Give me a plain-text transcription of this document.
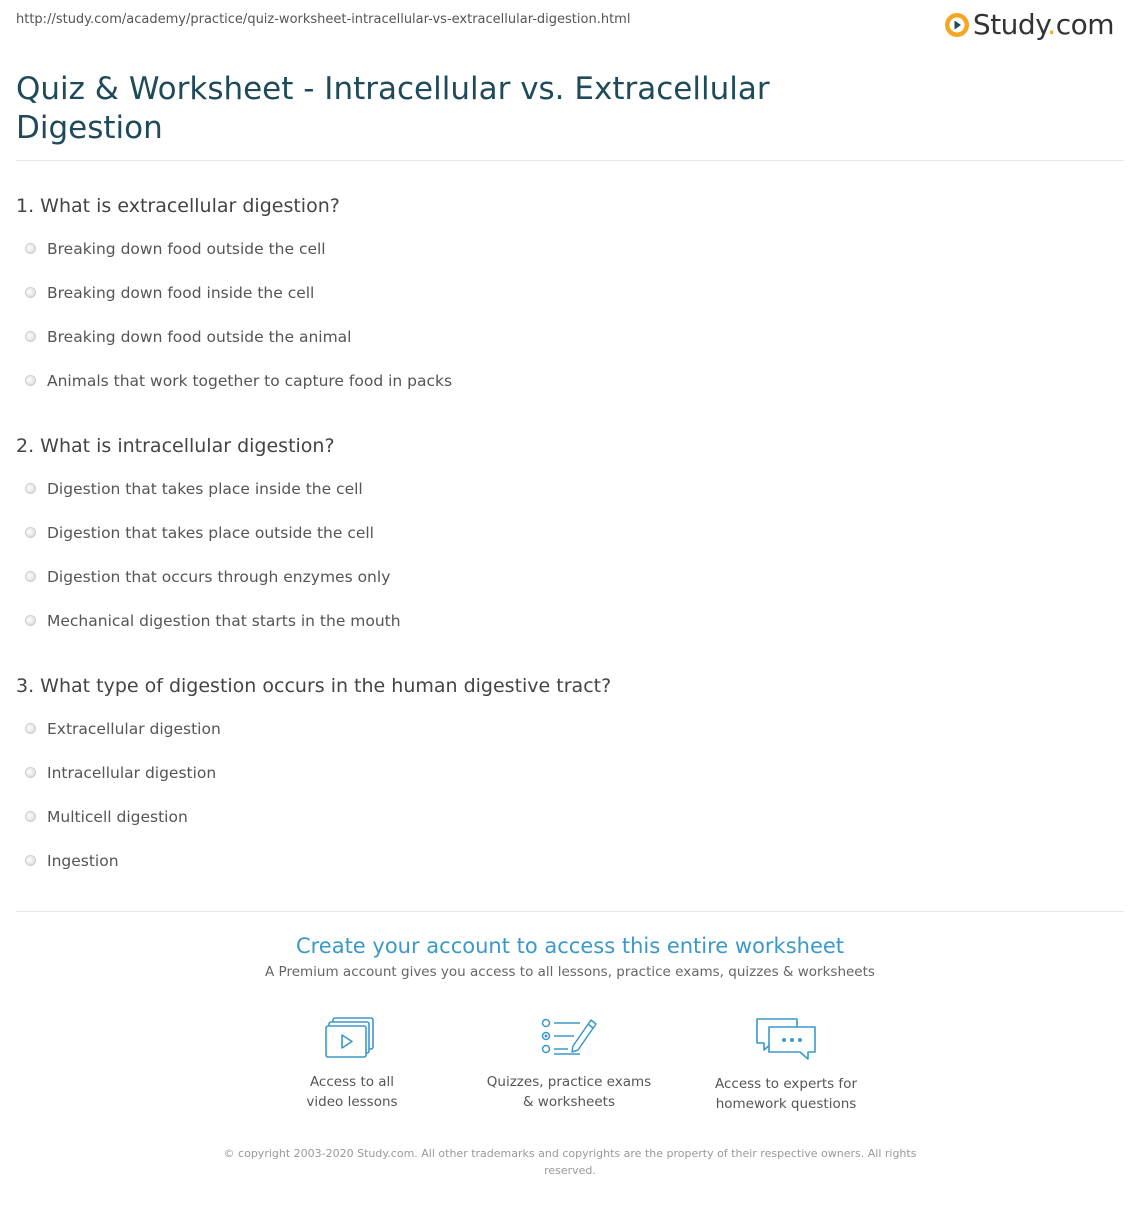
http://study.com/academy/practice/quiz-worksheet-intracellular-vs-extracellular-digestion.html	Study.com
Quiz & Worksheet - Intracellular vs. Extracellular Digestion
1. What is extracellular digestion?
Breaking down food outside the cell
Breaking down food inside the cell
Breaking down food outside the animal
Animals that work together to capture food in packs
2. What is intracellular digestion?
Digestion that takes place inside the cell
Digestion that takes place outside the cell
Digestion that occurs through enzymes only
Mechanical digestion that starts in the mouth
3. What type of digestion occurs in the human digestive tract?
Extracellular digestion
Intracellular digestion
Multicell digestion
Ingestion
Create your account to access this entire worksheet
A Premium account gives you access to all lessons, practice exams, quizzes & worksheets
Access to all
video lessons
Quizzes, practice exams
& worksheets
Access to experts for
homework questions
© copyright 2003-2020 Study.com. All other trademarks and copyrights are the property of their respective owners. All rights reserved.
